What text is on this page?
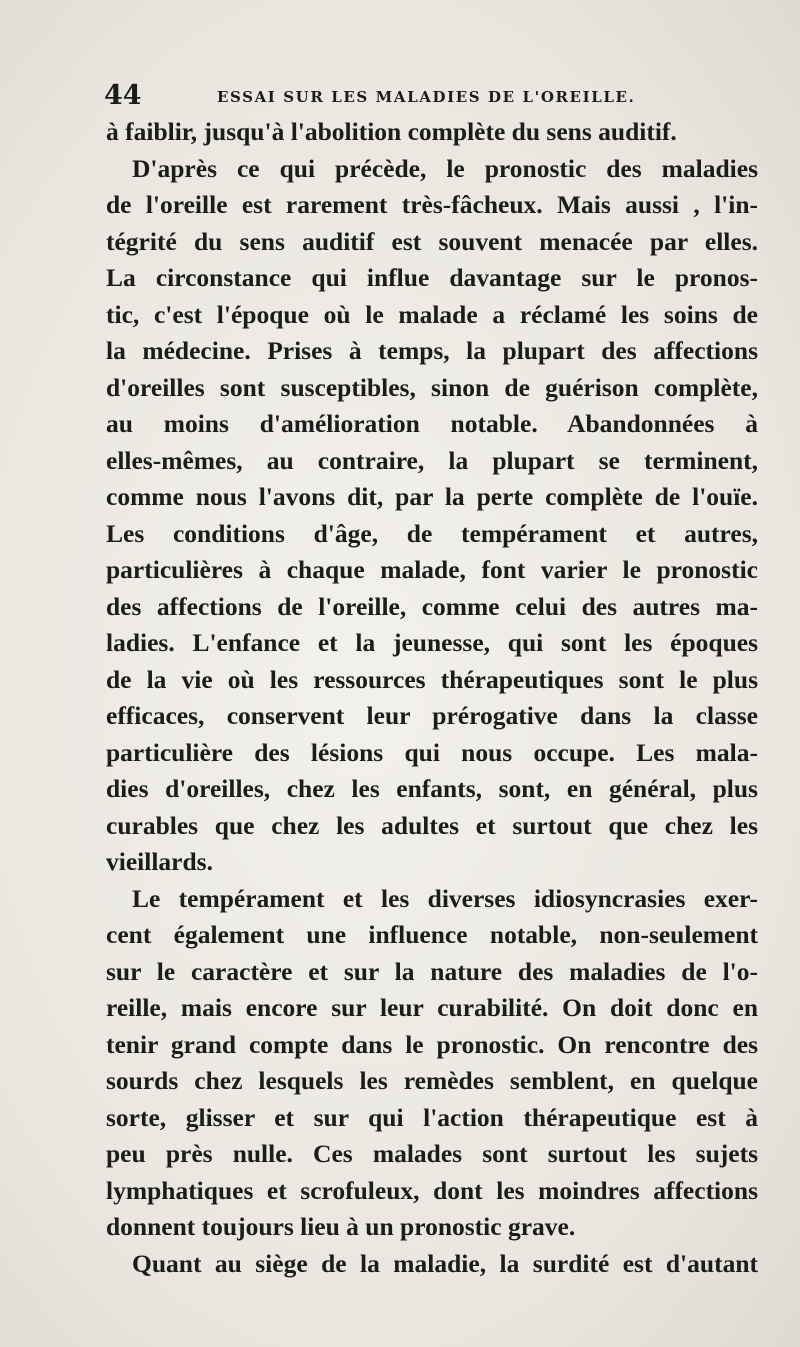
44	ESSAI SUR LES MALADIES DE L'OREILLE.
à faiblir, jusqu'à l'abolition complète du sens auditif.
D'après ce qui précède, le pronostic des maladies
de l'oreille est rarement très-fâcheux. Mais aussi , l'in-
tégrité du sens auditif est souvent menacée par elles.
La circonstance qui influe davantage sur le pronos-
tic, c'est l'époque où le malade a réclamé les soins de
la médecine. Prises à temps, la plupart des affections
d'oreilles sont susceptibles, sinon de guérison complète,
au moins d'amélioration notable. Abandonnées à
elles-mêmes, au contraire, la plupart se terminent,
comme nous l'avons dit, par la perte complète de l'ouïe.
Les conditions d'âge, de tempérament et autres,
particulières à chaque malade, font varier le pronostic
des affections de l'oreille, comme celui des autres ma-
ladies. L'enfance et la jeunesse, qui sont les époques
de la vie où les ressources thérapeutiques sont le plus
efficaces, conservent leur prérogative dans la classe
particulière des lésions qui nous occupe. Les mala-
dies d'oreilles, chez les enfants, sont, en général, plus
curables que chez les adultes et surtout que chez les
vieillards.
Le tempérament et les diverses idiosyncrasies exer-
cent également une influence notable, non-seulement
sur le caractère et sur la nature des maladies de l'o-
reille, mais encore sur leur curabilité. On doit donc en
tenir grand compte dans le pronostic. On rencontre des
sourds chez lesquels les remèdes semblent, en quelque
sorte, glisser et sur qui l'action thérapeutique est à
peu près nulle. Ces malades sont surtout les sujets
lymphatiques et scrofuleux, dont les moindres affections
donnent toujours lieu à un pronostic grave.
Quant au siège de la maladie, la surdité est d'autant
